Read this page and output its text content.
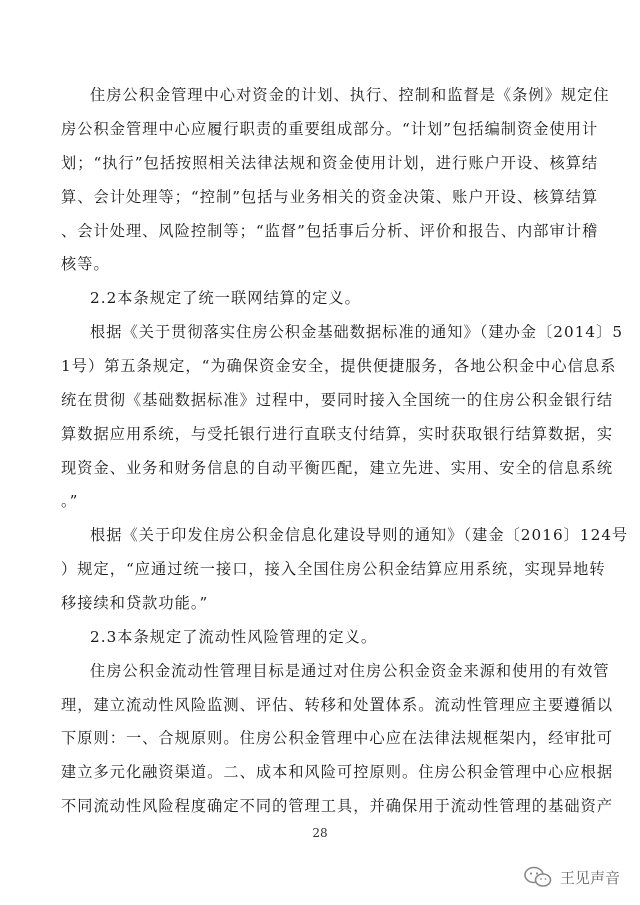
住房公积金管理中心对资金的计划、执行、控制和监督是《条例》规定住
房公积金管理中心应履行职责的重要组成部分。“计划”包括编制资金使用计
划；“执行”包括按照相关法律法规和资金使用计划，进行账户开设、核算结
算、会计处理等；“控制”包括与业务相关的资金决策、账户开设、核算结算
、会计处理、风险控制等；“监督”包括事后分析、评价和报告、内部审计稽
核等。
2.2本条规定了统一联网结算的定义。
根据《关于贯彻落实住房公积金基础数据标准的通知》（建办金〔2014〕5
1号）第五条规定，“为确保资金安全，提供便捷服务，各地公积金中心信息系
统在贯彻《基础数据标准》过程中，要同时接入全国统一的住房公积金银行结
算数据应用系统，与受托银行进行直联支付结算，实时获取银行结算数据，实
现资金、业务和财务信息的自动平衡匹配，建立先进、实用、安全的信息系统
。”
根据《关于印发住房公积金信息化建设导则的通知》（建金〔2016〕124号
）规定，“应通过统一接口，接入全国住房公积金结算应用系统，实现异地转
移接续和贷款功能。”
2.3本条规定了流动性风险管理的定义。
住房公积金流动性管理目标是通过对住房公积金资金来源和使用的有效管
理，建立流动性风险监测、评估、转移和处置体系。流动性管理应主要遵循以
下原则：一、合规原则。住房公积金管理中心应在法律法规框架内，经审批可
建立多元化融资渠道。二、成本和风险可控原则。住房公积金管理中心应根据
不同流动性风险程度确定不同的管理工具，并确保用于流动性管理的基础资产
28
王见声音
